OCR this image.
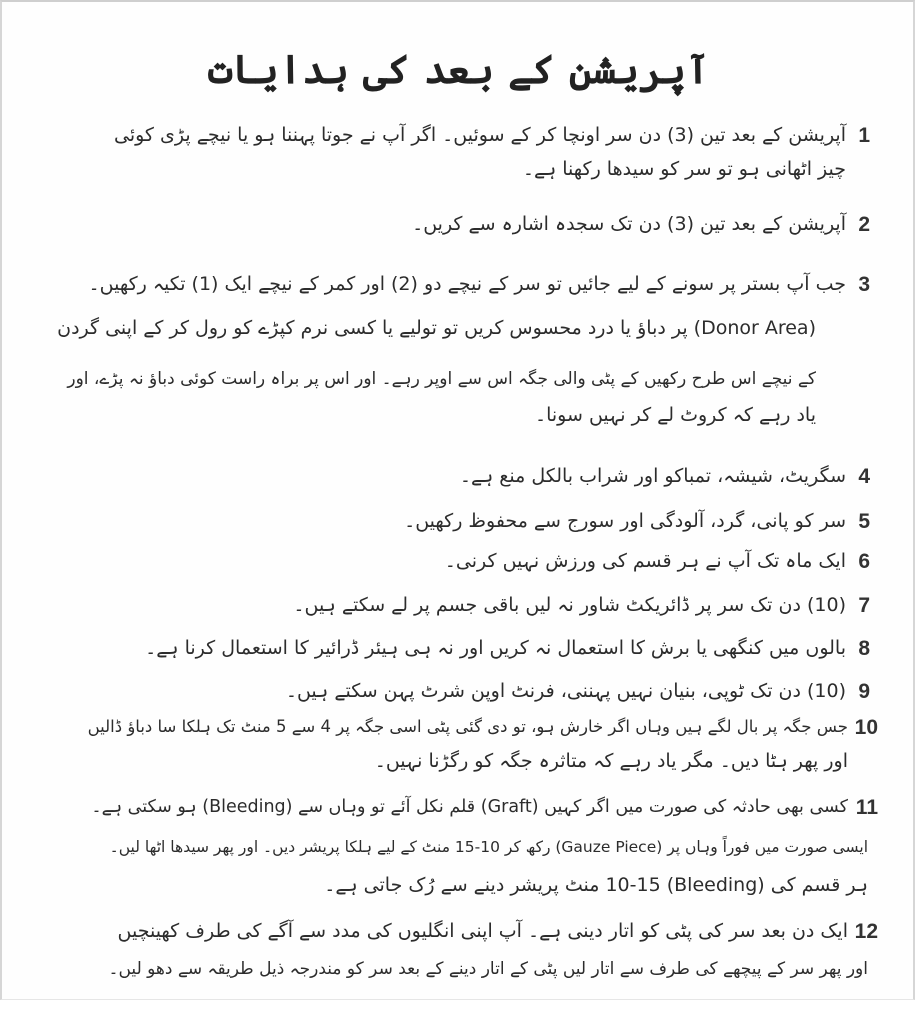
آپریشن کے بعد کی ہدایات
1
آپریشن کے بعد تین (3) دن سر اونچا کر کے سوئیں۔ اگر آپ نے جوتا پہننا ہو یا نیچے پڑی کوئی
چیز اٹھانی ہو تو سر کو سیدھا رکھنا ہے۔
2
آپریشن کے بعد تین (3) دن تک سجدہ اشارہ سے کریں۔
3
جب آپ بستر پر سونے کے لیے جائیں تو سر کے نیچے دو (2) اور کمر کے نیچے ایک (1) تکیہ رکھیں۔
(Donor Area) پر دباؤ یا درد محسوس کریں تو تولیے یا کسی نرم کپڑے کو رول کر کے اپنی گردن
کے نیچے اس طرح رکھیں کے پٹی والی جگہ اس سے اوپر رہے۔ اور اس پر براہ راست کوئی دباؤ نہ پڑے، اور
یاد رہے کہ کروٹ لے کر نہیں سونا۔
4
سگریٹ، شیشہ، تمباکو اور شراب بالکل منع ہے۔
5
سر کو پانی، گرد، آلودگی اور سورج سے محفوظ رکھیں۔
6
ایک ماہ تک آپ نے ہر قسم کی ورزش نہیں کرنی۔
7
(10) دن تک سر پر ڈائریکٹ شاور نہ لیں باقی جسم پر لے سکتے ہیں۔
8
بالوں میں کنگھی یا برش کا استعمال نہ کریں اور نہ ہی ہیئر ڈرائیر کا استعمال کرنا ہے۔
9
(10) دن تک ٹوپی، بنیان نہیں پہننی، فرنٹ اوپن شرٹ پہن سکتے ہیں۔
10
جس جگہ پر بال لگے ہیں وہاں اگر خارش ہو، تو دی گئی پٹی اسی جگہ پر 4 سے 5 منٹ تک ہلکا سا دباؤ ڈالیں
اور پھر ہٹا دیں۔ مگر یاد رہے کہ متاثرہ جگہ کو رگڑنا نہیں۔
11
کسی بھی حادثہ کی صورت میں اگر کہیں (Graft) قلم نکل آئے تو وہاں سے (Bleeding) ہو سکتی ہے۔
ایسی صورت میں فوراً وہاں پر (Gauze Piece) رکھ کر 10-15 منٹ کے لیے ہلکا پریشر دیں۔ اور پھر سیدھا اٹھا لیں۔
ہر قسم کی (Bleeding) 10-15 منٹ پریشر دینے سے رُک جاتی ہے۔
12
ایک دن بعد سر کی پٹی کو اتار دینی ہے۔ آپ اپنی انگلیوں کی مدد سے آگے کی طرف کھینچیں
اور پھر سر کے پیچھے کی طرف سے اتار لیں پٹی کے اتار دینے کے بعد سر کو مندرجہ ذیل طریقہ سے دھو لیں۔
